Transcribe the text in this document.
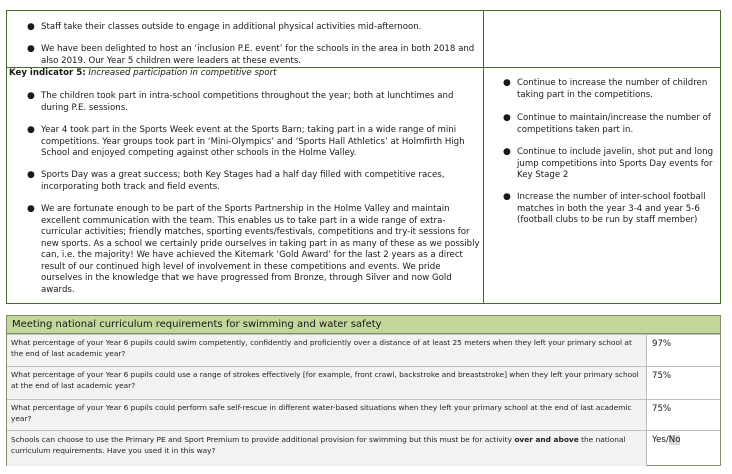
● Staff take their classes outside to engage in additional physical activities mid-afternoon.
● We have been delighted to host an ‘inclusion P.E. event’ for the schools in the area in both 2018 and also 2019. Our Year 5 children were leaders at these events.
Key indicator 5: Increased participation in competitive sport
● The children took part in intra-school competitions throughout the year; both at lunchtimes and during P.E. sessions.
● Year 4 took part in the Sports Week event at the Sports Barn; taking part in a wide range of mini competitions. Year groups took part in ‘Mini-Olympics’ and ‘Sports Hall Athletics’ at Holmfirth High School and enjoyed competing against other schools in the Holme Valley.
● Sports Day was a great success; both Key Stages had a half day filled with competitive races, incorporating both track and field events.
● We are fortunate enough to be part of the Sports Partnership in the Holme Valley and maintain excellent communication with the team. This enables us to take part in a wide range of extra-curricular activities; friendly matches, sporting events/festivals, competitions and try-it sessions for new sports. As a school we certainly pride ourselves in taking part in as many of these as we possibly can, i.e. the majority! We have achieved the Kitemark ‘Gold Award’ for the last 2 years as a direct result of our continued high level of involvement in these competitions and events. We pride ourselves in the knowledge that we have progressed from Bronze, through Silver and now Gold awards.
● Continue to increase the number of children taking part in the competitions.
● Continue to maintain/increase the number of competitions taken part in.
● Continue to include javelin, shot put and long jump competitions into Sports Day events for Key Stage 2
● Increase the number of inter-school football matches in both the year 3-4 and year 5-6 (football clubs to be run by staff member)
Meeting national curriculum requirements for swimming and water safety
What percentage of your Year 6 pupils could swim competently, confidently and proficiently over a distance of at least 25 meters when they left your primary school at the end of last academic year?
97%
What percentage of your Year 6 pupils could use a range of strokes effectively [for example, front crawl, backstroke and breaststroke] when they left your primary school at the end of last academic year?
75%
What percentage of your Year 6 pupils could perform safe self-rescue in different water-based situations when they left your primary school at the end of last academic year?
75%
Schools can choose to use the Primary PE and Sport Premium to provide additional provision for swimming but this must be for activity over and above the national curriculum requirements. Have you used it in this way?
Yes/No
